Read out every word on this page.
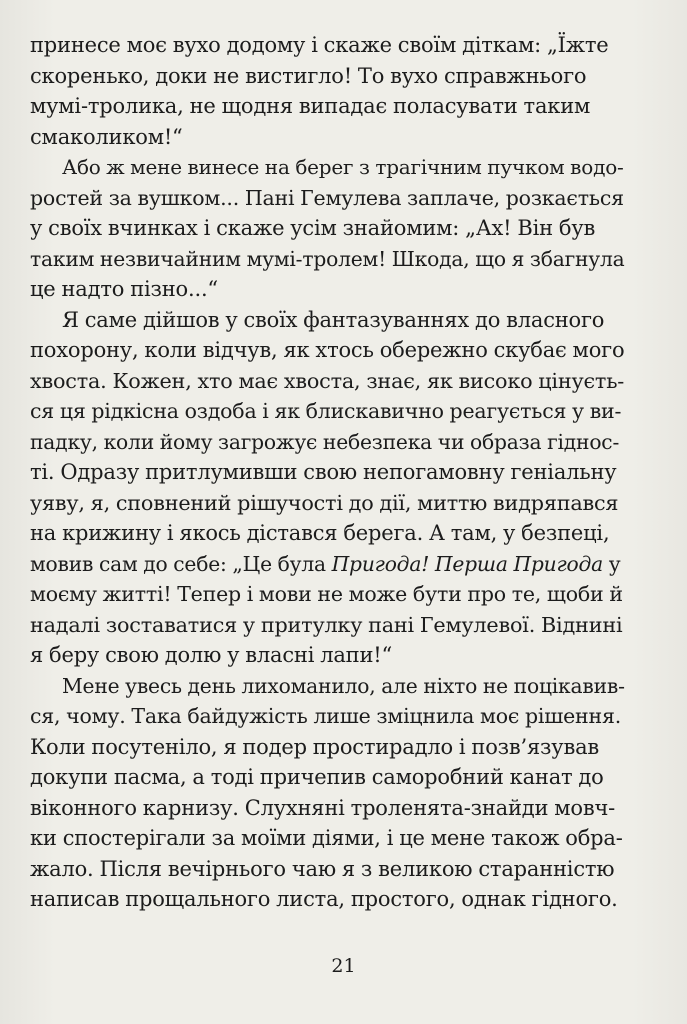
принесе моє вухо додому і скаже своїм діткам: „Їжте
скоренько, доки не вистигло! То вухо справжнього
мумі-тролика, не щодня випадає поласувати таким
смаколиком!“
Або ж мене винесе на берег з трагічним пучком водо-
ростей за вушком... Пані Гемулева заплаче, розкається
у своїх вчинках і скаже усім знайомим: „Ах! Він був
таким незвичайним мумі-тролем! Шкода, що я збагнула
це надто пізно...“
Я саме дійшов у своїх фантазуваннях до власного
похорону, коли відчув, як хтось обережно скубає мого
хвоста. Кожен, хто має хвоста, знає, як високо цінуєть-
ся ця рідкісна оздоба і як блискавично реагується у ви-
падку, коли йому загрожує небезпека чи образа гіднос-
ті. Одразу притлумивши свою непогамовну геніальну
уяву, я, сповнений рішучості до дії, миттю видряпався
на крижину і якось дістався берега. А там, у безпеці,
мовив сам до себе: „Це була Пригода! Перша Пригода у
моєму житті! Тепер і мови не може бути про те, щоби й
надалі зоставатися у притулку пані Гемулевої. Віднині
я беру свою долю у власні лапи!“
Мене увесь день лихоманило, але ніхто не поцікавив-
ся, чому. Така байдужість лише зміцнила моє рішення.
Коли посутеніло, я подер простирадло і позв’язував
докупи пасма, а тоді причепив саморобний канат до
віконного карнизу. Слухняні троленята-знайди мовч-
ки спостерігали за моїми діями, і це мене також обра-
жало. Після вечірнього чаю я з великою старанністю
написав прощального листа, простого, однак гідного.
21
